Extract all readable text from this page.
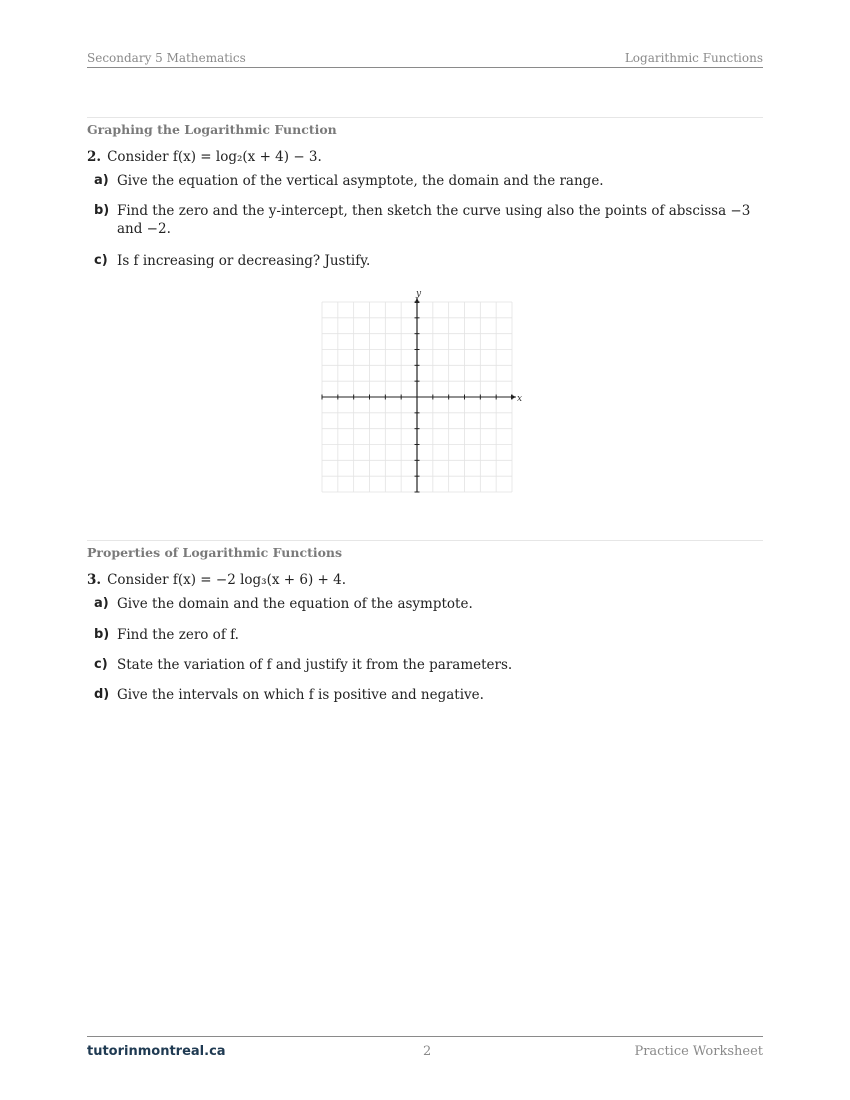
Secondary 5 Mathematics	Logarithmic Functions
Graphing the Logarithmic Function
2. Consider f(x) = log₂(x + 4) − 3.
a) Give the equation of the vertical asymptote, the domain and the range.
b) Find the zero and the y-intercept, then sketch the curve using also the points of abscissa −3 and −2.
c) Is f increasing or decreasing? Justify.
y
x
Properties of Logarithmic Functions
3. Consider f(x) = −2 log₃(x + 6) + 4.
a) Give the domain and the equation of the asymptote.
b) Find the zero of f.
c) State the variation of f and justify it from the parameters.
d) Give the intervals on which f is positive and negative.
tutorinmontreal.ca	2	Practice Worksheet
